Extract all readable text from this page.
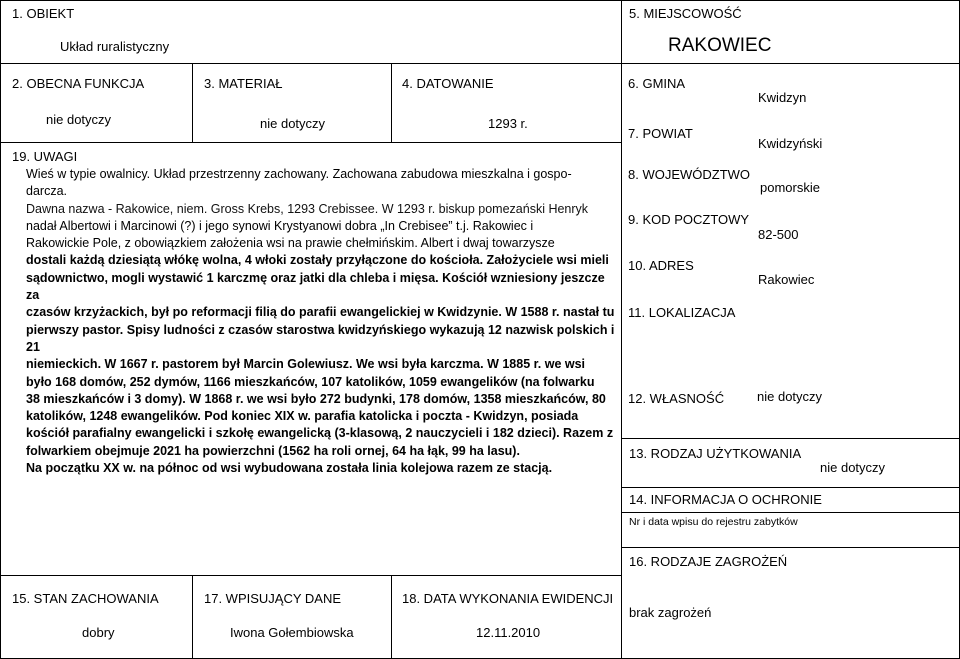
1. OBIEKT
Układ ruralistyczny
5. MIEJSCOWOŚĆ
RAKOWIEC
2. OBECNA FUNKCJA
nie dotyczy
3. MATERIAŁ
nie dotyczy
4. DATOWANIE
1293 r.
19. UWAGI

Wieś w typie owalnicy. Układ przestrzenny zachowany. Zachowana zabudowa mieszkalna i gospo-

darcza.

Dawna nazwa - Rakowice, niem. Gross Krebs, 1293 Crebissee. W 1293 r. biskup pomezański Henryk

nadał Albertowi i Marcinowi (?) i jego synowi Krystyanowi dobra „In Crebisee” t.j. Rakowiec i

Rakowickie Pole, z obowiązkiem założenia wsi na prawie chełmińskim. Albert i dwaj towarzysze

dostali każdą dziesiątą włókę wolna, 4 włoki zostały przyłączone do kościoła. Założyciele wsi mieli

sądownictwo, mogli wystawić 1 karczmę oraz jatki dla chleba i mięsa. Kościół wzniesiony jeszcze za

czasów krzyżackich, był po reformacji filią do parafii ewangelickiej w Kwidzynie. W 1588 r. nastał tu

pierwszy pastor. Spisy ludności z czasów starostwa kwidzyńskiego wykazują 12 nazwisk polskich i 21

niemieckich. W 1667 r. pastorem był Marcin Golewiusz. We wsi była karczma. W 1885 r. we wsi

było 168 domów, 252 dymów, 1166 mieszkańców, 107 katolików, 1059 ewangelików (na folwarku

38 mieszkańców i 3 domy). W 1868 r. we wsi było 272 budynki, 178 domów, 1358 mieszkańców, 80

katolików, 1248 ewangelików. Pod koniec XIX w. parafia katolicka i poczta - Kwidzyn, posiada

kościół parafialny ewangelicki i szkołę ewangelicką (3-klasową, 2 nauczycieli i 182 dzieci). Razem z

folwarkiem obejmuje 2021 ha powierzchni (1562 ha roli ornej, 64 ha łąk, 99 ha lasu).

Na początku XX w. na północ od wsi wybudowana została linia kolejowa razem ze stacją.

6. GMINA
Kwidzyn
7. POWIAT
Kwidzyński
8. WOJEWÓDZTWO
pomorskie
9. KOD POCZTOWY
82-500
10. ADRES
Rakowiec
11. LOKALIZACJA
12. WŁASNOŚĆ	nie dotyczy
13. RODZAJ UŻYTKOWANIA
nie dotyczy
14. INFORMACJA O OCHRONIE
Nr i data wpisu do rejestru zabytków
16. RODZAJE ZAGROŻEŃ
brak zagrożeń
15. STAN ZACHOWANIA
dobry
17. WPISUJĄCY DANE
Iwona Gołembiowska
18. DATA WYKONANIA EWIDENCJI
12.11.2010
